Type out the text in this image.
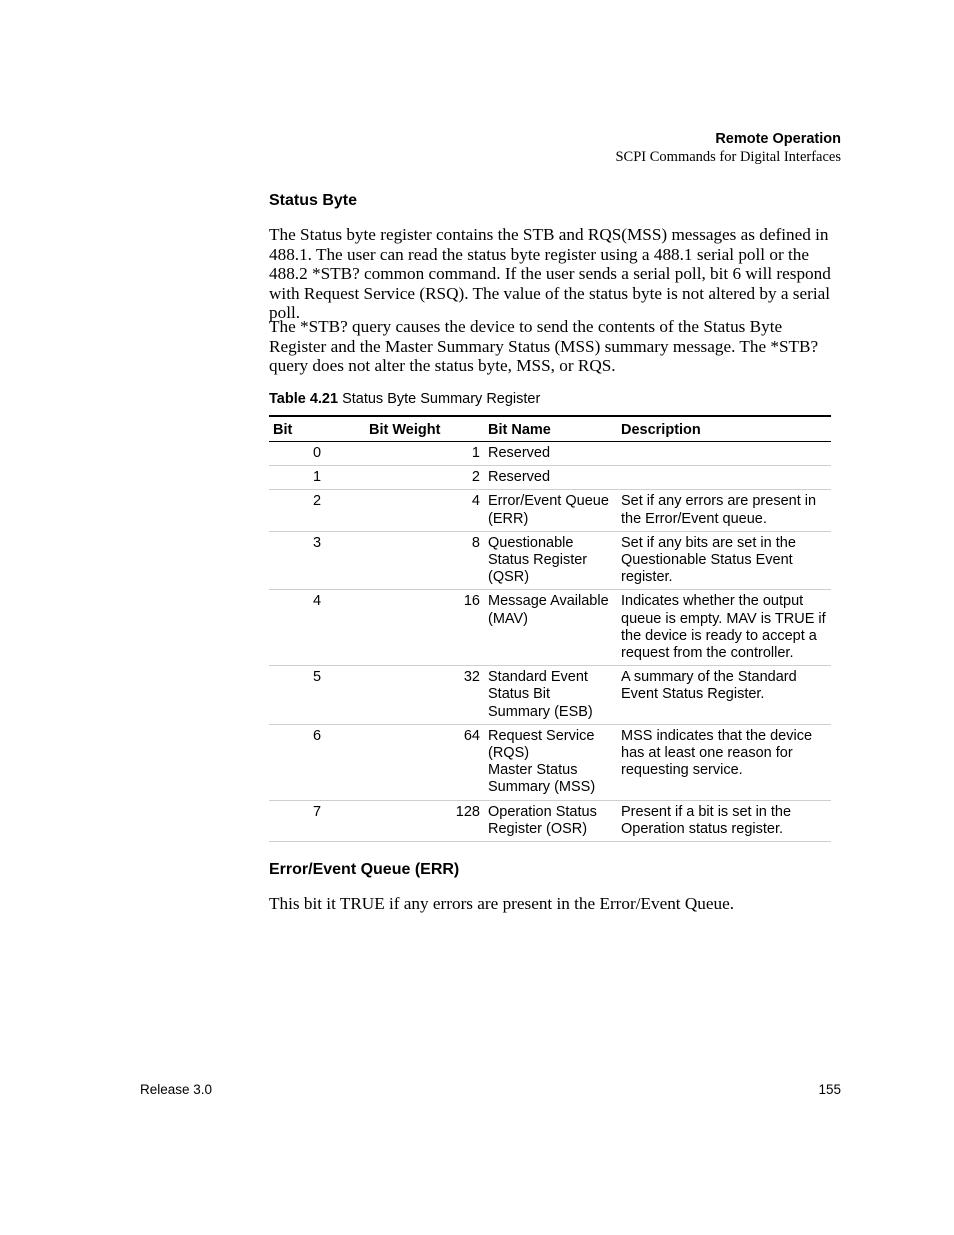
Remote Operation
SCPI Commands for Digital Interfaces
Status Byte

The Status byte register contains the STB and RQS(MSS) messages as defined in 488.1. The user can read the status byte register using a 488.1 serial poll or the 488.2 *STB? common command. If the user sends a serial poll, bit 6 will respond with Request Service (RSQ). The value of the status byte is not altered by a serial poll.

The *STB? query causes the device to send the contents of the Status Byte Register and the Master Summary Status (MSS) summary message. The *STB? query does not alter the status byte, MSS, or RQS.

Table 4.21 Status Byte Summary Register

Bit	Bit Weight	Bit Name	Description
0	1	Reserved	
1	2	Reserved	
2	4	Error/Event Queue (ERR)	Set if any errors are present in the Error/Event queue.
3	8	Questionable Status Register (QSR)	Set if any bits are set in the Questionable Status Event register.
4	16	Message Available (MAV)	Indicates whether the output queue is empty. MAV is TRUE if the device is ready to accept a request from the controller.
5	32	Standard Event Status Bit Summary (ESB)	A summary of the Standard Event Status Register.
6	64	Request Service (RQS)
Master Status Summary (MSS)	MSS indicates that the device has at least one reason for requesting service.
7	128	Operation Status Register (OSR)	Present if a bit is set in the Operation status register.
Error/Event Queue (ERR)

This bit it TRUE if any errors are present in the Error/Event Queue.

Release 3.0	155
